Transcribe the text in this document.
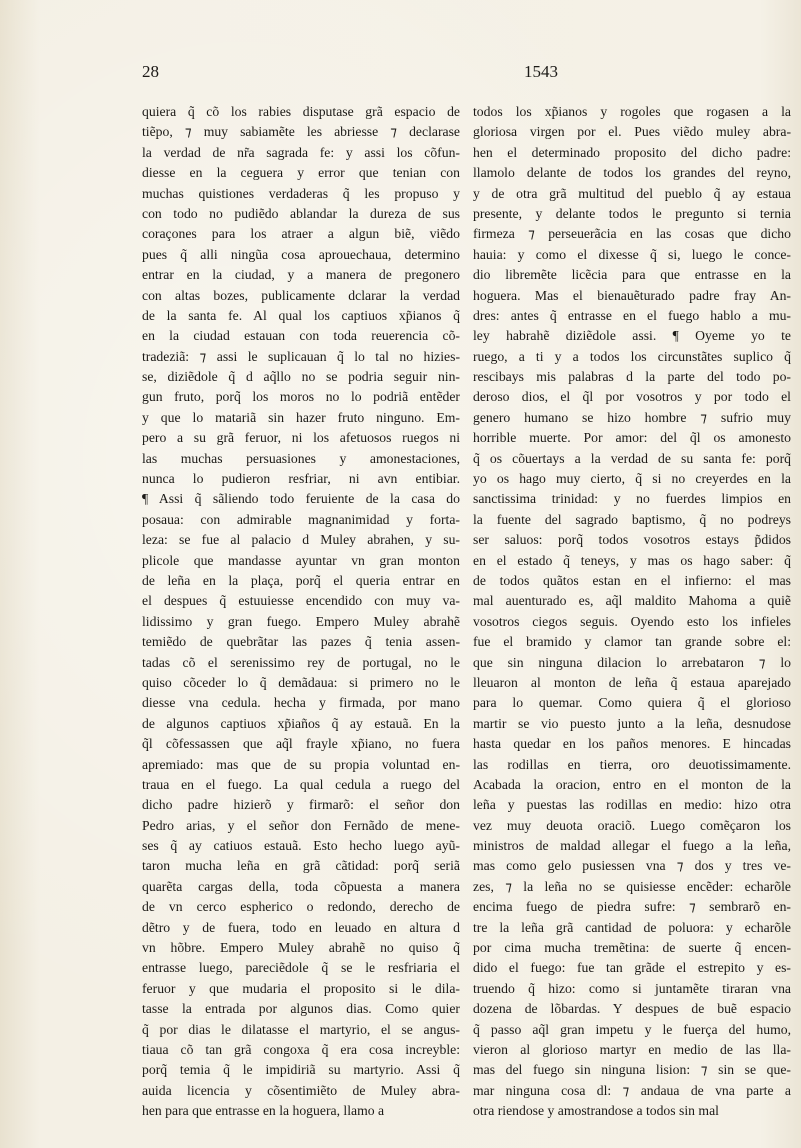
28	1543
quiera q̃ cõ los rabies disputase grã espacio de
tiẽpo, ⁊ muy sabiamẽte les abriesse ⁊ declarase
la verdad de nr̃a sagrada fe: y assi los cõfun-
diesse en la ceguera y error que tenian con
muchas quistiones verdaderas q̃ les propuso y
con todo no pudiẽdo ablandar la dureza de sus
coraçones para los atraer a algun biẽ, viẽdo
pues q̃ alli ningũa cosa aprouechaua, determino
entrar en la ciudad, y a manera de pregonero
con altas bozes, publicamente dclarar la verdad
de la santa fe. Al qual los captiuos xp̃ianos q̃
en la ciudad estauan con toda reuerencia cõ-
tradeziã: ⁊ assi le suplicauan q̃ lo tal no hizies-
se, diziẽdole q̃ d aq̃llo no se podria seguir nin-
gun fruto, porq̃ los moros no lo podriã entẽder
y que lo matariã sin hazer fruto ninguno. Em-
pero a su grã feruor, ni los afetuosos ruegos ni
las muchas persuasiones y amonestaciones,
nunca lo pudieron resfriar, ni avn entibiar.
¶ Assi q̃ sãliendo todo feruiente de la casa do
posaua: con admirable magnanimidad y forta-
leza: se fue al palacio d Muley abrahen, y su-
plicole que mandasse ayuntar vn gran monton
de leña en la plaça, porq̃ el queria entrar en
el despues q̃ estuuiesse encendido con muy va-
lidissimo y gran fuego. Empero Muley abrahẽ
temiẽdo de quebrãtar las pazes q̃ tenia assen-
tadas cõ el serenissimo rey de portugal, no le
quiso cõceder lo q̃ demãdaua: si primero no le
diesse vna cedula. hecha y firmada, por mano
de algunos captiuos xp̃iaños q̃ ay estauã. En la
q̃l cõfessassen que aq̃l frayle xp̃iano, no fuera
apremiado: mas que de su propia voluntad en-
traua en el fuego. La qual cedula a ruego del
dicho padre hizierõ y firmarõ: el señor don
Pedro arias, y el señor don Fernãdo de mene-
ses q̃ ay catiuos estauã. Esto hecho luego ayũ-
taron mucha leña en grã cãtidad: porq̃ seriã
quarẽta cargas della, toda cõpuesta a manera
de vn cerco espherico o redondo, derecho de
dẽtro y de fuera, todo en leuado en altura d
vn hõbre. Empero Muley abrahẽ no quiso q̃
entrasse luego, pareciẽdole q̃ se le resfriaria el
feruor y que mudaria el proposito si le dila-
tasse la entrada por algunos dias. Como quier
q̃ por dias le dilatasse el martyrio, el se angus-
tiaua cõ tan grã congoxa q̃ era cosa increyble:
porq̃ temia q̃ le impidiriã su martyrio. Assi q̃
auida licencia y cõsentimiẽto de Muley abra-
hen para que entrasse en la hoguera, llamo a
todos los xp̃ianos y rogoles que rogasen a la
gloriosa virgen por el. Pues viẽdo muley abra-
hen el determinado proposito del dicho padre:
llamolo delante de todos los grandes del reyno,
y de otra grã multitud del pueblo q̃ ay estaua
presente, y delante todos le pregunto si ternia
firmeza ⁊ perseuerãcia en las cosas que dicho
hauia: y como el dixesse q̃ si, luego le conce-
dio libremẽte licẽcia para que entrasse en la
hoguera. Mas el bienauẽturado padre fray An-
dres: antes q̃ entrasse en el fuego hablo a mu-
ley habrahẽ diziẽdole assi. ¶ Oyeme yo te
ruego, a ti y a todos los circunstãtes suplico q̃
rescibays mis palabras d la parte del todo po-
deroso dios, el q̃l por vosotros y por todo el
genero humano se hizo hombre ⁊ sufrio muy
horrible muerte. Por amor: del q̃l os amonesto
q̃ os cõuertays a la verdad de su santa fe: porq̃
yo os hago muy cierto, q̃ si no creyerdes en la
sanctissima trinidad: y no fuerdes limpios en
la fuente del sagrado baptismo, q̃ no podreys
ser saluos: porq̃ todos vosotros estays p̃didos
en el estado q̃ teneys, y mas os hago saber: q̃
de todos quãtos estan en el infierno: el mas
mal auenturado es, aq̃l maldito Mahoma a quiẽ
vosotros ciegos seguis. Oyendo esto los infieles
fue el bramido y clamor tan grande sobre el:
que sin ninguna dilacion lo arrebataron ⁊ lo
lleuaron al monton de leña q̃ estaua aparejado
para lo quemar. Como quiera q̃ el glorioso
martir se vio puesto junto a la leña, desnudose
hasta quedar en los paños menores. E hincadas
las rodillas en tierra, oro deuotissimamente.
Acabada la oracion, entro en el monton de la
leña y puestas las rodillas en medio: hizo otra
vez muy deuota oraciõ. Luego comẽçaron los
ministros de maldad allegar el fuego a la leña,
mas como gelo pusiessen vna ⁊ dos y tres ve-
zes, ⁊ la leña no se quisiesse encẽder: echarõle
encima fuego de piedra sufre: ⁊ sembrarõ en-
tre la leña grã cantidad de poluora: y echarõle
por cima mucha tremẽtina: de suerte q̃ encen-
dido el fuego: fue tan grãde el estrepito y es-
truendo q̃ hizo: como si juntamẽte tiraran vna
dozena de lõbardas. Y despues de buẽ espacio
q̃ passo aq̃l gran impetu y le fuerça del humo,
vieron al glorioso martyr en medio de las lla-
mas del fuego sin ninguna lision: ⁊ sin se que-
mar ninguna cosa dl: ⁊ andaua de vna parte a
otra riendose y amostrandose a todos sin mal
